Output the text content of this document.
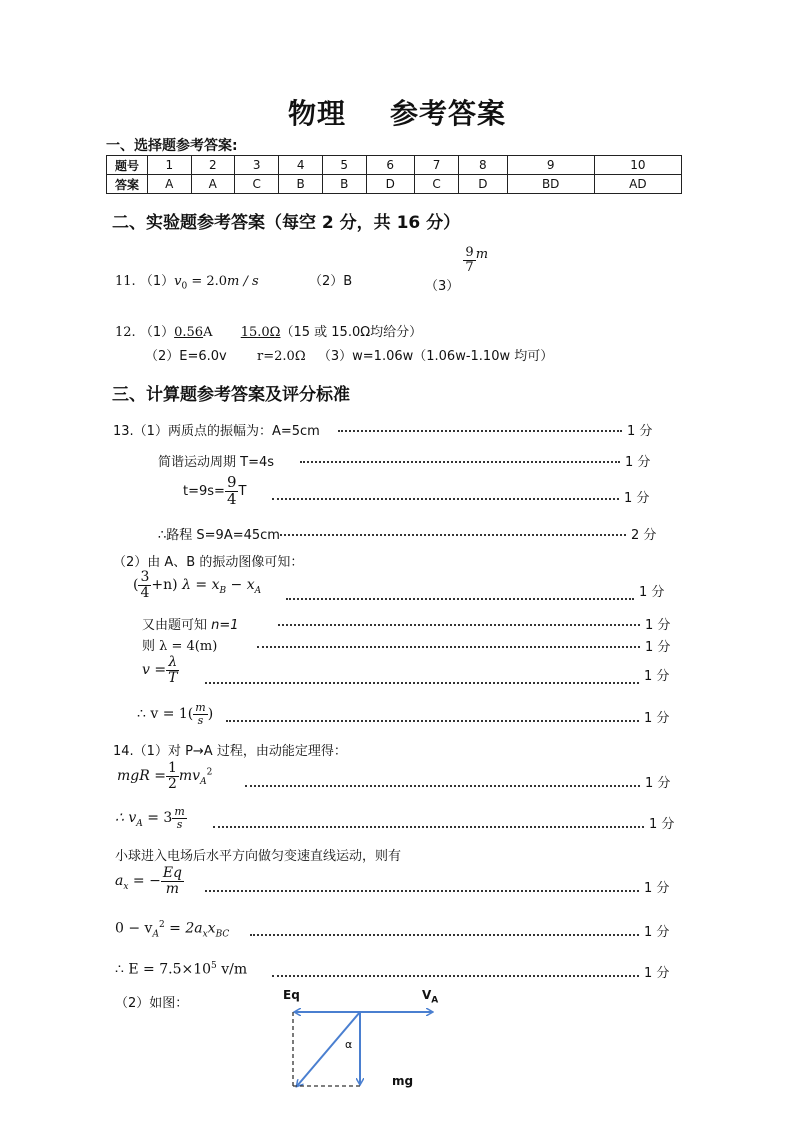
物理 参考答案
一、选择题参考答案:
题号	1	2	3	4	5	6	7	8	9	10
答案	A	A	C	B	B	D	C	D	BD	AD
二、实验题参考答案（每空 2 分，共 16 分）
11. $(1)v_0 = 2.0m / s$	（2）B	（3）
$\frac{9}{7}$ m
12. （1）0.56A 15.0Ω（15 或 15.0Ω均给分）
（2）E=6.0v r=2.0Ω （3）w=1.06w（1.06w-1.10w 均可）
三、计算题参考答案及评分标准
13.（1）两质点的振幅为：A=5cm	1 分
简谐运动周期 T=4s	1 分
$t=9s= \frac{9}{4}$ T	1 分
∴路程 S=9A=45cm	2 分
（2）由 A、B 的振动图像可知：
( $\frac{3}{4} +n$) $\lambda = x_B - x_A$	1 分
又由题可知 n=1	1 分
则 λ = 4(m)	1 分
$v = \frac{\lambda}{T}$	1 分
∴ $v = 1( \frac{m}{s}$ )	1 分
14.（1）对 P→A 过程，由动能定理得：
mgR = $\frac{1}{2} mv_A^2$
1 分
∴ $v_A = 3 \frac{m}{s}$	1 分
小球进入电场后水平方向做匀变速直线运动，则有
$a_x$ = − $\frac{Eq}{m}$	1 分
$0 - v_A^2 = 2a_xx_{BC}$	1 分
∴ $E = 7.5\times 10^5$ v/m	1 分
（2）如图：
Eq	$V_A$
α
mg
